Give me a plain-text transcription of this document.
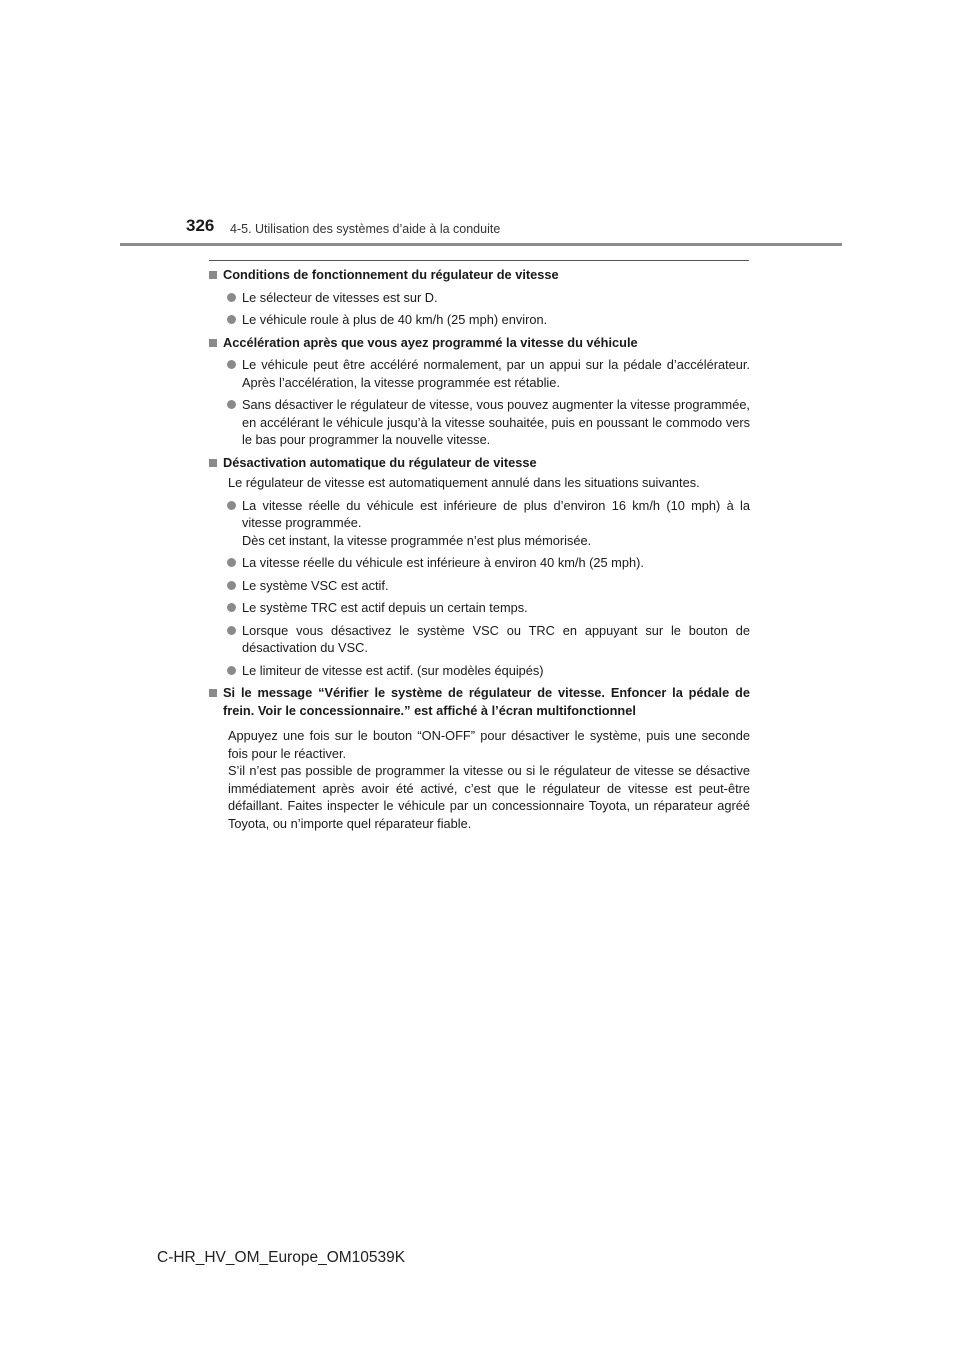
326 4-5. Utilisation des systèmes d’aide à la conduite
Conditions de fonctionnement du régulateur de vitesse
Le sélecteur de vitesses est sur D.
Le véhicule roule à plus de 40 km/h (25 mph) environ.
Accélération après que vous ayez programmé la vitesse du véhicule
Le véhicule peut être accéléré normalement, par un appui sur la pédale d’accélérateur. Après l’accélération, la vitesse programmée est rétablie.
Sans désactiver le régulateur de vitesse, vous pouvez augmenter la vitesse programmée, en accélérant le véhicule jusqu’à la vitesse souhaitée, puis en poussant le commodo vers le bas pour programmer la nouvelle vitesse.
Désactivation automatique du régulateur de vitesse
Le régulateur de vitesse est automatiquement annulé dans les situations suivantes.
La vitesse réelle du véhicule est inférieure de plus d’environ 16 km/h (10 mph) à la vitesse programmée.
Dès cet instant, la vitesse programmée n’est plus mémorisée.
La vitesse réelle du véhicule est inférieure à environ 40 km/h (25 mph).
Le système VSC est actif.
Le système TRC est actif depuis un certain temps.
Lorsque vous désactivez le système VSC ou TRC en appuyant sur le bouton de désactivation du VSC.
Le limiteur de vitesse est actif. (sur modèles équipés)
Si le message “Vérifier le système de régulateur de vitesse. Enfoncer la pédale de frein. Voir le concessionnaire.” est affiché à l’écran multifonctionnel
Appuyez une fois sur le bouton “ON-OFF” pour désactiver le système, puis une seconde fois pour le réactiver.
S’il n’est pas possible de programmer la vitesse ou si le régulateur de vitesse se désactive immédiatement après avoir été activé, c’est que le régulateur de vitesse est peut-être défaillant. Faites inspecter le véhicule par un concessionnaire Toyota, un réparateur agréé Toyota, ou n’importe quel réparateur fiable.
C-HR_HV_OM_Europe_OM10539K
